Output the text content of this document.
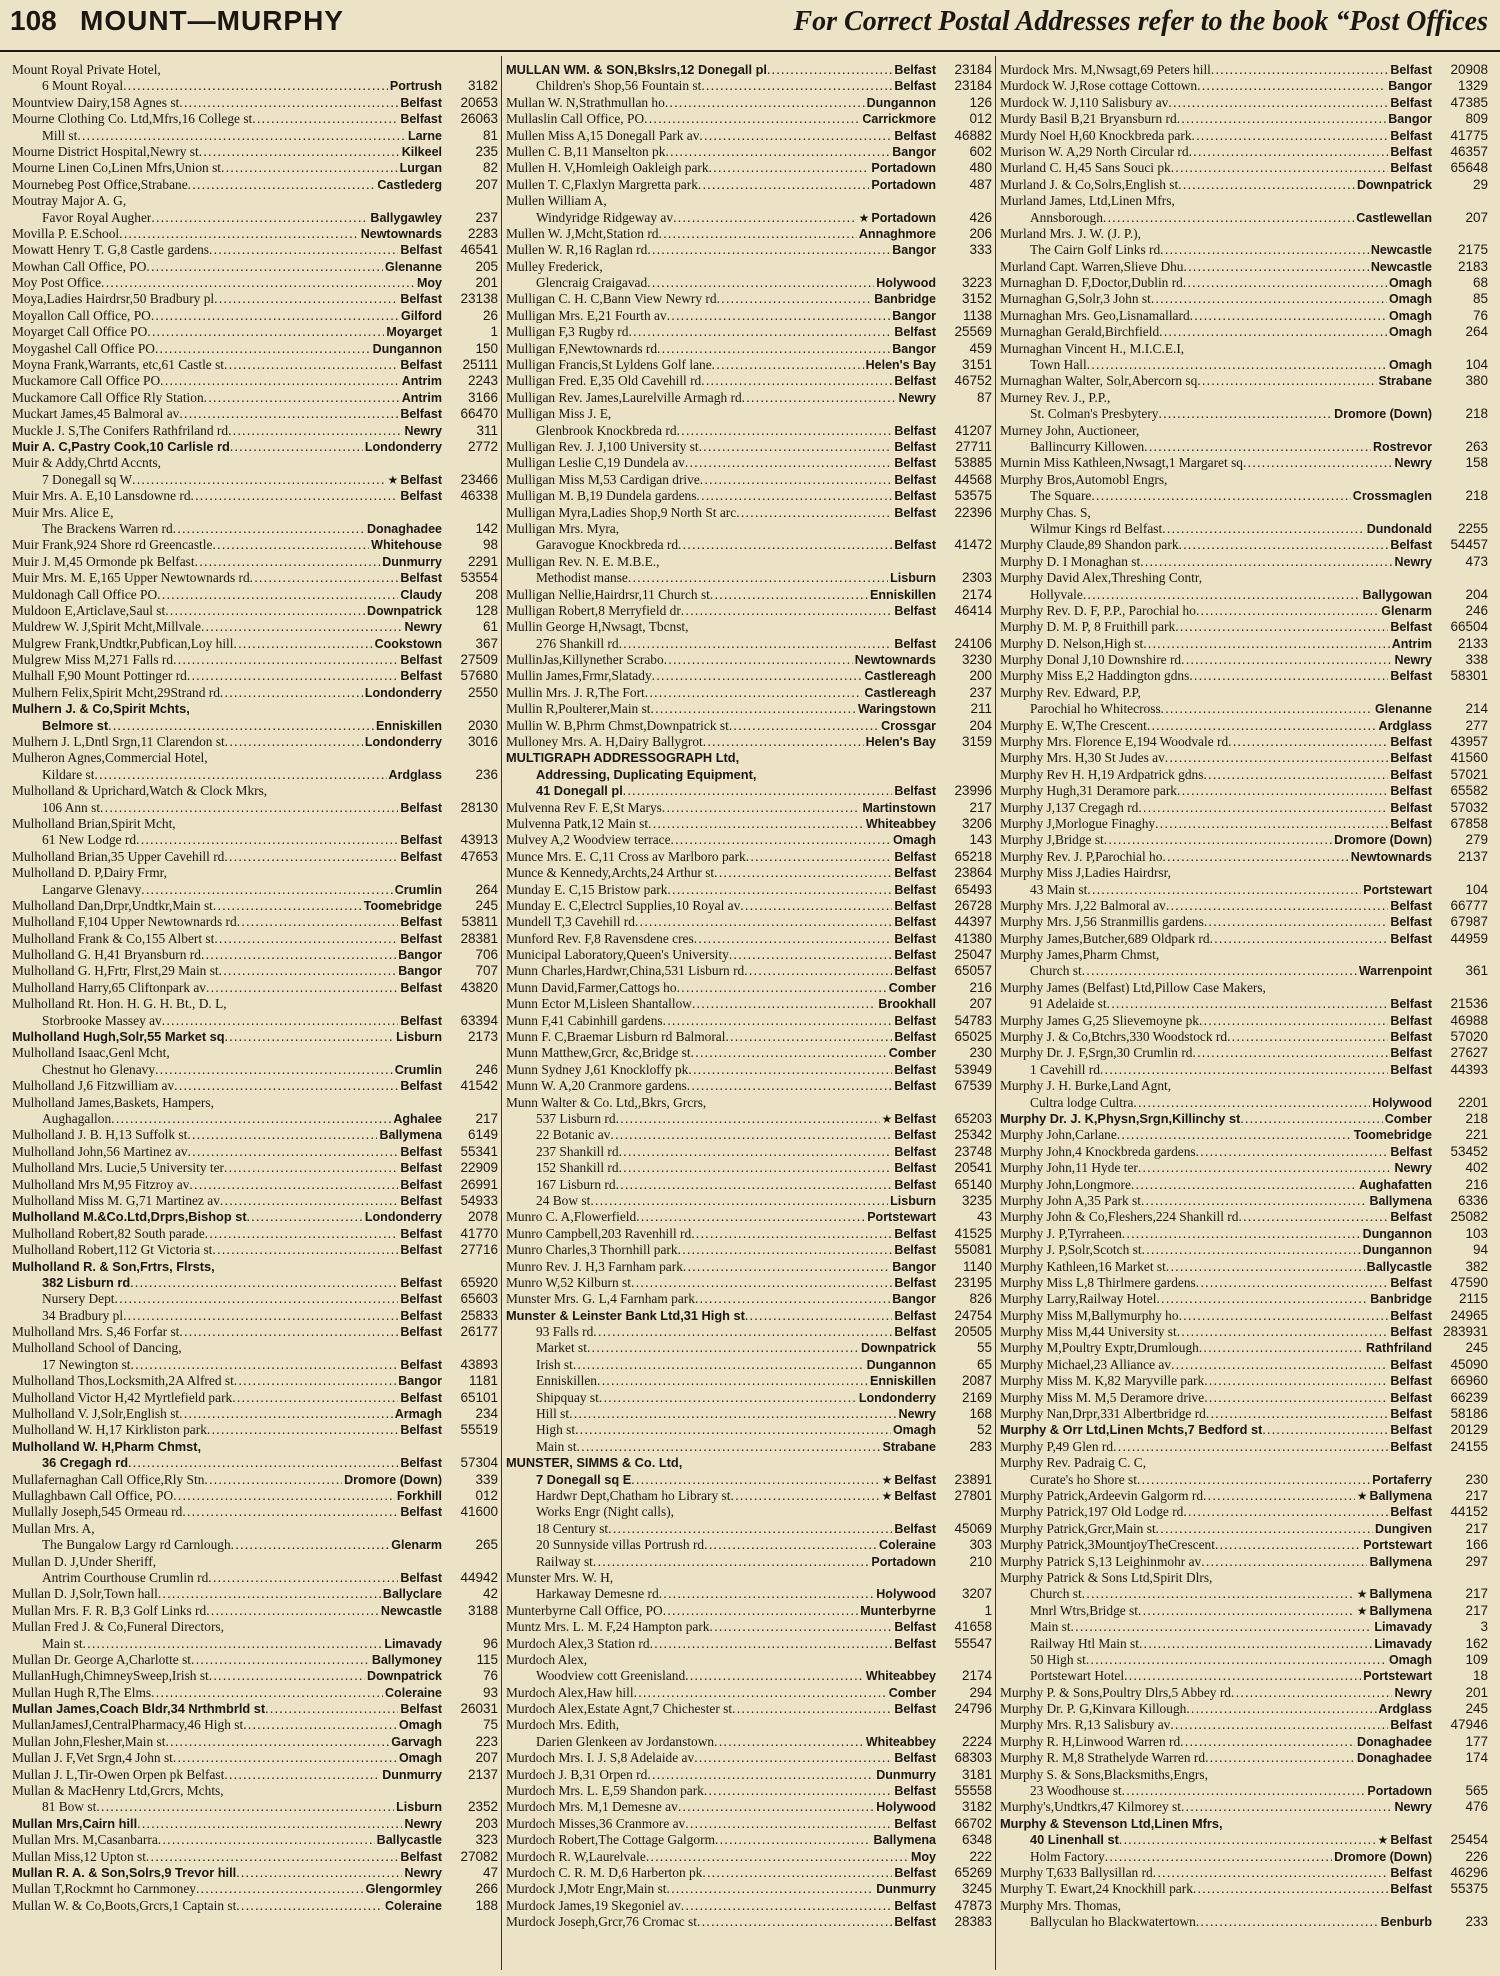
108 MOUNT—MURPHY	For Correct Postal Addresses refer to the book “Post Offices
Mount Royal Private Hotel,
6 Mount Royal . . .	Portrush	3182
Mountview Dairy,158 Agnes st . . .	Belfast	20653
Mourne Clothing Co. Ltd,Mfrs,16 College st . . .	Belfast	26063
Mill st . . .	Larne	81
Mourne District Hospital,Newry st . . .	Kilkeel	235
Mourne Linen Co,Linen Mfrs,Union st . . .	Lurgan	82
Mournebeg Post Office,Strabane . . .	Castlederg	207
Moutray Major A. G,
Favor Royal Augher . . .	Ballygawley	237
Movilla P. E.School . . .	Newtownards	2283
Mowatt Henry T. G,8 Castle gardens . . .	Belfast	46541
Mowhan Call Office, PO . . .	Glenanne	205
Moy Post Office . . .	Moy	201
Moya,Ladies Hairdrsr,50 Bradbury pl . . .	Belfast	23138
Moyallon Call Office, PO . . .	Gilford	26
Moyarget Call Office PO . . .	Moyarget	1
Moygashel Call Office PO . . .	Dungannon	150
Moyna Frank,Warrants, etc,61 Castle st . . .	Belfast	25111
Muckamore Call Office PO . . .	Antrim	2243
Muckamore Call Office Rly Station . . .	Antrim	3166
Muckart James,45 Balmoral av . . .	Belfast	66470
Muckle J. S,The Conifers Rathfriland rd . . .	Newry	311
Muir A. C,Pastry Cook,10 Carlisle rd . . .	Londonderry	2772
Muir & Addy,Chrtd Accnts,
7 Donegall sq W . . .	★ Belfast	23466
Muir Mrs. A. E,10 Lansdowne rd . . .	Belfast	46338
Muir Mrs. Alice E,
The Brackens Warren rd . . .	Donaghadee	142
Muir Frank,924 Shore rd Greencastle . . .	Whitehouse	98
Muir J. M,45 Ormonde pk Belfast . . .	Dunmurry	2291
Muir Mrs. M. E,165 Upper Newtownards rd . . .	Belfast	53554
Muldonagh Call Office PO . . .	Claudy	208
Muldoon E,Articlave,Saul st . . .	Downpatrick	128
Muldrew W. J,Spirit Mcht,Millvale . . .	Newry	61
Mulgrew Frank,Undtkr,Pubfican,Loy hill . . .	Cookstown	367
Mulgrew Miss M,271 Falls rd . . .	Belfast	27509
Mulhall F,90 Mount Pottinger rd . . .	Belfast	57680
Mulhern Felix,Spirit Mcht,29Strand rd . . .	Londonderry	2550
Mulhern J. & Co,Spirit Mchts,
Belmore st . . .	Enniskillen	2030
Mulhern J. L,Dntl Srgn,11 Clarendon st . . .	Londonderry	3016
Mulheron Agnes,Commercial Hotel,
Kildare st . . .	Ardglass	236
Mulholland & Uprichard,Watch & Clock Mkrs,
106 Ann st . . .	Belfast	28130
Mulholland Brian,Spirit Mcht,
61 New Lodge rd . . .	Belfast	43913
Mulholland Brian,35 Upper Cavehill rd . . .	Belfast	47653
Mulholland D. P,Dairy Frmr,
Langarve Glenavy . . .	Crumlin	264
Mulholland Dan,Drpr,Undtkr,Main st . . .	Toomebridge	245
Mulholland F,104 Upper Newtownards rd . . .	Belfast	53811
Mulholland Frank & Co,155 Albert st . . .	Belfast	28381
Mulholland G. H,41 Bryansburn rd . . .	Bangor	706
Mulholland G. H,Frtr, Flrst,29 Main st . . .	Bangor	707
Mulholland Harry,65 Cliftonpark av . . .	Belfast	43820
Mulholland Rt. Hon. H. G. H. Bt., D. L,
Storbrooke Massey av . . .	Belfast	63394
Mulholland Hugh,Solr,55 Market sq . . .	Lisburn	2173
Mulholland Isaac,Genl Mcht,
Chestnut ho Glenavy . . .	Crumlin	246
Mulholland J,6 Fitzwilliam av . . .	Belfast	41542
Mulholland James,Baskets, Hampers,
Aughagallon . . .	Aghalee	217
Mulholland J. B. H,13 Suffolk st . . .	Ballymena	6149
Mulholland John,56 Martinez av . . .	Belfast	55341
Mulholland Mrs. Lucie,5 University ter . . .	Belfast	22909
Mulholland Mrs M,95 Fitzroy av . . .	Belfast	26991
Mulholland Miss M. G,71 Martinez av . . .	Belfast	54933
Mulholland M.&Co.Ltd,Drprs,Bishop st . . .	Londonderry	2078
Mulholland Robert,82 South parade . . .	Belfast	41770
Mulholland Robert,112 Gt Victoria st . . .	Belfast	27716
Mulholland R. & Son,Frtrs, Flrsts,
382 Lisburn rd . . .	Belfast	65920
Nursery Dept . . .	Belfast	65603
34 Bradbury pl . . .	Belfast	25833
Mulholland Mrs. S,46 Forfar st . . .	Belfast	26177
Mulholland School of Dancing,
17 Newington st . . .	Belfast	43893
Mulholland Thos,Locksmith,2A Alfred st . . .	Bangor	1181
Mulholland Victor H,42 Myrtlefield park . . .	Belfast	65101
Mulholland V. J,Solr,English st . . .	Armagh	234
Mulholland W. H,17 Kirkliston park . . .	Belfast	55519
Mulholland W. H,Pharm Chmst,
36 Cregagh rd . . .	Belfast	57304
Mullafernaghan Call Office,Rly Stn . . .	Dromore (Down)	339
Mullaghbawn Call Office, PO . . .	Forkhill	012
Mullally Joseph,545 Ormeau rd . . .	Belfast	41600
Mullan Mrs. A,
The Bungalow Largy rd Carnlough . . .	Glenarm	265
Mullan D. J,Under Sheriff,
Antrim Courthouse Crumlin rd . . .	Belfast	44942
Mullan D. J,Solr,Town hall . . .	Ballyclare	42
Mullan Mrs. F. R. B,3 Golf Links rd . . .	Newcastle	3188
Mullan Fred J. & Co,Funeral Directors,
Main st . . .	Limavady	96
Mullan Dr. George A,Charlotte st . . .	Ballymoney	115
MullanHugh,ChimneySweep,Irish st . . .	Downpatrick	76
Mullan Hugh R,The Elms . . .	Coleraine	93
Mullan James,Coach Bldr,34 Nrthmbrld st . . .	Belfast	26031
MullanJamesJ,CentralPharmacy,46 High st . . .	Omagh	75
Mullan John,Flesher,Main st . . .	Garvagh	223
Mullan J. F,Vet Srgn,4 John st . . .	Omagh	207
Mullan J. L,Tir-Owen Orpen pk Belfast . . .	Dunmurry	2137
Mullan & MacHenry Ltd,Grcrs, Mchts,
81 Bow st . . .	Lisburn	2352
Mullan Mrs,Cairn hill . . .	Newry	203
Mullan Mrs. M,Casanbarra . . .	Ballycastle	323
Mullan Miss,12 Upton st . . .	Belfast	27082
Mullan R. A. & Son,Solrs,9 Trevor hill . . .	Newry	47
Mullan T,Rockmnt ho Carnmoney . . .	Glengormley	266
Mullan W. & Co,Boots,Grcrs,1 Captain st . . .	Coleraine	188
MULLAN WM. & SON,Bkslrs,12 Donegall pl . . .	Belfast	23184
Children's Shop,56 Fountain st . . .	Belfast	23184
Mullan W. N,Strathmullan ho . . .	Dungannon	126
Mullaslin Call Office, PO . . .	Carrickmore	012
Mullen Miss A,15 Donegall Park av . . .	Belfast	46882
Mullen C. B,11 Manselton pk . . .	Bangor	602
Mullen H. V,Homleigh Oakleigh park . . .	Portadown	480
Mullen T. C,Flaxlyn Margretta park . . .	Portadown	487
Mullen William A,
Windyridge Ridgeway av . . .	★ Portadown	426
Mullen W. J,Mcht,Station rd . . .	Annaghmore	206
Mullen W. R,16 Raglan rd . . .	Bangor	333
Mulley Frederick,
Glencraig Craigavad . . .	Holywood	3223
Mulligan C. H. C,Bann View Newry rd . . .	Banbridge	3152
Mulligan Mrs. E,21 Fourth av . . .	Bangor	1138
Mulligan F,3 Rugby rd . . .	Belfast	25569
Mulligan F,Newtownards rd . . .	Bangor	459
Mulligan Francis,St Lyldens Golf lane . . .	Helen's Bay	3151
Mulligan Fred. E,35 Old Cavehill rd . . .	Belfast	46752
Mulligan Rev. James,Laurelville Armagh rd . . .	Newry	87
Mulligan Miss J. E,
Glenbrook Knockbreda rd . . .	Belfast	41207
Mulligan Rev. J. J,100 University st . . .	Belfast	27711
Mulligan Leslie C,19 Dundela av . . .	Belfast	53885
Mulligan Miss M,53 Cardigan drive . . .	Belfast	44568
Mulligan M. B,19 Dundela gardens . . .	Belfast	53575
Mulligan Myra,Ladies Shop,9 North St arc . . .	Belfast	22396
Mulligan Mrs. Myra,
Garavogue Knockbreda rd . . .	Belfast	41472
Mulligan Rev. N. E. M.B.E.,
Methodist manse . . .	Lisburn	2303
Mulligan Nellie,Hairdrsr,11 Church st . . .	Enniskillen	2174
Mulligan Robert,8 Merryfield dr . . .	Belfast	46414
Mullin George H,Nwsagt, Tbcnst,
276 Shankill rd . . .	Belfast	24106
MullinJas,Killynether Scrabo . . .	Newtownards	3230
Mullin James,Frmr,Slatady . . .	Castlereagh	200
Mullin Mrs. J. R,The Fort . . .	Castlereagh	237
Mullin R,Poulterer,Main st . . .	Waringstown	211
Mullin W. B,Phrm Chmst,Downpatrick st . . .	Crossgar	204
Mulloney Mrs. A. H,Dairy Ballygrot . . .	Helen's Bay	3159
MULTIGRAPH ADDRESSOGRAPH Ltd,
Addressing, Duplicating Equipment,
41 Donegall pl . . .	Belfast	23996
Mulvenna Rev F. E,St Marys . . .	Martinstown	217
Mulvenna Patk,12 Main st . . .	Whiteabbey	3206
Mulvey A,2 Woodview terrace . . .	Omagh	143
Munce Mrs. E. C,11 Cross av Marlboro park . . .	Belfast	65218
Munce & Kennedy,Archts,24 Arthur st . . .	Belfast	23864
Munday E. C,15 Bristow park . . .	Belfast	65493
Munday E. C,Electrcl Supplies,10 Royal av . . .	Belfast	26728
Mundell T,3 Cavehill rd . . .	Belfast	44397
Munford Rev. F,8 Ravensdene cres . . .	Belfast	41380
Municipal Laboratory,Queen's University . . .	Belfast	25047
Munn Charles,Hardwr,China,531 Lisburn rd . . .	Belfast	65057
Munn David,Farmer,Cattogs ho . . .	Comber	216
Munn Ector M,Lisleen Shantallow . . .	Brookhall	207
Munn F,41 Cabinhill gardens . . .	Belfast	54783
Munn F. C,Braemar Lisburn rd Balmoral . . .	Belfast	65025
Munn Matthew,Grcr, &c,Bridge st . . .	Comber	230
Munn Sydney J,61 Knockloffy pk . . .	Belfast	53949
Munn W. A,20 Cranmore gardens . . .	Belfast	67539
Munn Walter & Co. Ltd,,Bkrs, Grcrs,
537 Lisburn rd . . .	★ Belfast	65203
22 Botanic av . . .	Belfast	25342
237 Shankill rd . . .	Belfast	23748
152 Shankill rd . . .	Belfast	20541
167 Lisburn rd . . .	Belfast	65140
24 Bow st . . .	Lisburn	3235
Munro C. A,Flowerfield . . .	Portstewart	43
Munro Campbell,203 Ravenhill rd . . .	Belfast	41525
Munro Charles,3 Thornhill park . . .	Belfast	55081
Munro Rev. J. H,3 Farnham park . . .	Bangor	1140
Munro W,52 Kilburn st . . .	Belfast	23195
Munster Mrs. G. L,4 Farnham park . . .	Bangor	826
Munster & Leinster Bank Ltd,31 High st . . .	Belfast	24754
93 Falls rd . . .	Belfast	20505
Market st . . .	Downpatrick	55
Irish st . . .	Dungannon	65
Enniskillen . . .	Enniskillen	2087
Shipquay st . . .	Londonderry	2169
Hill st . . .	Newry	168
High st . . .	Omagh	52
Main st . . .	Strabane	283
MUNSTER, SIMMS & Co. Ltd,
7 Donegall sq E . . .	★ Belfast	23891
Hardwr Dept,Chatham ho Library st . . .	★ Belfast	27801
Works Engr (Night calls),
18 Century st . . .	Belfast	45069
20 Sunnyside villas Portrush rd . . .	Coleraine	303
Railway st . . .	Portadown	210
Munster Mrs. W. H,
Harkaway Demesne rd . . .	Holywood	3207
Munterbyrne Call Office, PO . . .	Munterbyrne	1
Muntz Mrs. L. M. F,24 Hampton park . . .	Belfast	41658
Murdoch Alex,3 Station rd . . .	Belfast	55547
Murdoch Alex,
Woodview cott Greenisland . . .	Whiteabbey	2174
Murdoch Alex,Haw hill . . .	Comber	294
Murdoch Alex,Estate Agnt,7 Chichester st . . .	Belfast	24796
Murdoch Mrs. Edith,
Darien Glenkeen av Jordanstown . . .	Whiteabbey	2224
Murdoch Mrs. I. J. S,8 Adelaide av . . .	Belfast	68303
Murdoch J. B,31 Orpen rd . . .	Dunmurry	3181
Murdoch Mrs. L. E,59 Shandon park . . .	Belfast	55558
Murdoch Mrs. M,1 Demesne av . . .	Holywood	3182
Murdoch Misses,36 Cranmore av . . .	Belfast	66702
Murdoch Robert,The Cottage Galgorm . . .	Ballymena	6348
Murdoch R. W,Laurelvale . . .	Moy	222
Murdoch C. R. M. D,6 Harberton pk . . .	Belfast	65269
Murdock J,Motr Engr,Main st . . .	Dunmurry	3245
Murdock James,19 Skegoniel av . . .	Belfast	47873
Murdock Joseph,Grcr,76 Cromac st . . .	Belfast	28383
Murdock Mrs. M,Nwsagt,69 Peters hill . . .	Belfast	20908
Murdock W. J,Rose cottage Cottown . . .	Bangor	1329
Murdock W. J,110 Salisbury av . . .	Belfast	47385
Murdy Basil B,21 Bryansburn rd . . .	Bangor	809
Murdy Noel H,60 Knockbreda park . . .	Belfast	41775
Murison W. A,29 North Circular rd . . .	Belfast	46357
Murland C. H,45 Sans Souci pk . . .	Belfast	65648
Murland J. & Co,Solrs,English st . . .	Downpatrick	29
Murland James, Ltd,Linen Mfrs,
Annsborough . . .	Castlewellan	207
Murland Mrs. J. W. (J. P.),
The Cairn Golf Links rd . . .	Newcastle	2175
Murland Capt. Warren,Slieve Dhu . . .	Newcastle	2183
Murnaghan D. F,Doctor,Dublin rd . . .	Omagh	68
Murnaghan G,Solr,3 John st . . .	Omagh	85
Murnaghan Mrs. Geo,Lisnamallard . . .	Omagh	76
Murnaghan Gerald,Birchfield . . .	Omagh	264
Murnaghan Vincent H., M.I.C.E.I,
Town Hall . . .	Omagh	104
Murnaghan Walter, Solr,Abercorn sq . . .	Strabane	380
Murney Rev. J., P.P.,
St. Colman's Presbytery . . .	Dromore (Down)	218
Murney John, Auctioneer,
Ballincurry Killowen . . .	Rostrevor	263
Murnin Miss Kathleen,Nwsagt,1 Margaret sq . . .	Newry	158
Murphy Bros,Automobl Engrs,
The Square . . .	Crossmaglen	218
Murphy Chas. S,
Wilmur Kings rd Belfast . . .	Dundonald	2255
Murphy Claude,89 Shandon park . . .	Belfast	54457
Murphy D. I Monaghan st . . .	Newry	473
Murphy David Alex,Threshing Contr,
Hollyvale . . .	Ballygowan	204
Murphy Rev. D. F, P.P., Parochial ho . . .	Glenarm	246
Murphy D. M. P, 8 Fruithill park . . .	Belfast	66504
Murphy D. Nelson,High st . . .	Antrim	2133
Murphy Donal J,10 Downshire rd . . .	Newry	338
Murphy Miss E,2 Haddington gdns . . .	Belfast	58301
Murphy Rev. Edward, P.P,
Parochial ho Whitecross . . .	Glenanne	214
Murphy E. W,The Crescent . . .	Ardglass	277
Murphy Mrs. Florence E,194 Woodvale rd . . .	Belfast	43957
Murphy Mrs. H,30 St Judes av . . .	Belfast	41560
Murphy Rev H. H,19 Ardpatrick gdns . . .	Belfast	57021
Murphy Hugh,31 Deramore park . . .	Belfast	65582
Murphy J,137 Cregagh rd . . .	Belfast	57032
Murphy J,Morlogue Finaghy . . .	Belfast	67858
Murphy J,Bridge st . . .	Dromore (Down)	279
Murphy Rev. J. P,Parochial ho . . .	Newtownards	2137
Murphy Miss J,Ladies Hairdrsr,
43 Main st . . .	Portstewart	104
Murphy Mrs. J,22 Balmoral av . . .	Belfast	66777
Murphy Mrs. J,56 Stranmillis gardens . . .	Belfast	67987
Murphy James,Butcher,689 Oldpark rd . . .	Belfast	44959
Murphy James,Pharm Chmst,
Church st . . .	Warrenpoint	361
Murphy James (Belfast) Ltd,Pillow Case Makers,
91 Adelaide st . . .	Belfast	21536
Murphy James G,25 Slievemoyne pk . . .	Belfast	46988
Murphy J. & Co,Btchrs,330 Woodstock rd . . .	Belfast	57020
Murphy Dr. J. F,Srgn,30 Crumlin rd . . .	Belfast	27627
1 Cavehill rd . . .	Belfast	44393
Murphy J. H. Burke,Land Agnt,
Cultra lodge Cultra . . .	Holywood	2201
Murphy Dr. J. K,Physn,Srgn,Killinchy st . . .	Comber	218
Murphy John,Carlane . . .	Toomebridge	221
Murphy John,4 Knockbreda gardens . . .	Belfast	53452
Murphy John,11 Hyde ter . . .	Newry	402
Murphy John,Longmore . . .	Aughafatten	216
Murphy John A,35 Park st . . .	Ballymena	6336
Murphy John & Co,Fleshers,224 Shankill rd . . .	Belfast	25082
Murphy J. P,Tyrraheen . . .	Dungannon	103
Murphy J. P,Solr,Scotch st . . .	Dungannon	94
Murphy Kathleen,16 Market st . . .	Ballycastle	382
Murphy Miss L,8 Thirlmere gardens . . .	Belfast	47590
Murphy Larry,Railway Hotel . . .	Banbridge	2115
Murphy Miss M,Ballymurphy ho . . .	Belfast	24965
Murphy Miss M,44 University st . . .	Belfast 283931
Murphy M,Poultry Exptr,Drumlough . . .	Rathfriland	245
Murphy Michael,23 Alliance av . . .	Belfast	45090
Murphy Miss M. K,82 Maryville park . . .	Belfast	66960
Murphy Miss M. M,5 Deramore drive . . .	Belfast	66239
Murphy Nan,Drpr,331 Albertbridge rd . . .	Belfast	58186
Murphy & Orr Ltd,Linen Mchts,7 Bedford st . . .	Belfast	20129
Murphy P,49 Glen rd . . .	Belfast	24155
Murphy Rev. Padraig C. C,
Curate's ho Shore st . . .	Portaferry	230
Murphy Patrick,Ardeevin Galgorm rd . . .	★ Ballymena	217
Murphy Patrick,197 Old Lodge rd . . .	Belfast	44152
Murphy Patrick,Grcr,Main st . . .	Dungiven	217
Murphy Patrick,3MountjoyTheCrescent . . .	Portstewart	166
Murphy Patrick S,13 Leighinmohr av . . .	Ballymena	297
Murphy Patrick & Sons Ltd,Spirit Dlrs,
Church st . . .	★ Ballymena	217
Mnrl Wtrs,Bridge st . . .	★ Ballymena	217
Main st . . .	Limavady	3
Railway Htl Main st . . .	Limavady	162
50 High st . . .	Omagh	109
Portstewart Hotel . . .	Portstewart	18
Murphy P. & Sons,Poultry Dlrs,5 Abbey rd . . .	Newry	201
Murphy Dr. P. G,Kinvara Killough . . .	Ardglass	245
Murphy Mrs. R,13 Salisbury av . . .	Belfast	47946
Murphy R. H,Linwood Warren rd . . .	Donaghadee	177
Murphy R. M,8 Strathelyde Warren rd . . .	Donaghadee	174
Murphy S. & Sons,Blacksmiths,Engrs,
23 Woodhouse st . . .	Portadown	565
Murphy's,Undtkrs,47 Kilmorey st . . .	Newry	476
Murphy & Stevenson Ltd,Linen Mfrs,
40 Linenhall st . . .	★ Belfast	25454
Holm Factory . . .	Dromore (Down)	226
Murphy T,633 Ballysillan rd . . .	Belfast	46296
Murphy T. Ewart,24 Knockhill park . . .	Belfast	55375
Murphy Mrs. Thomas,
Ballyculan ho Blackwatertown . . .	Benburb	233
